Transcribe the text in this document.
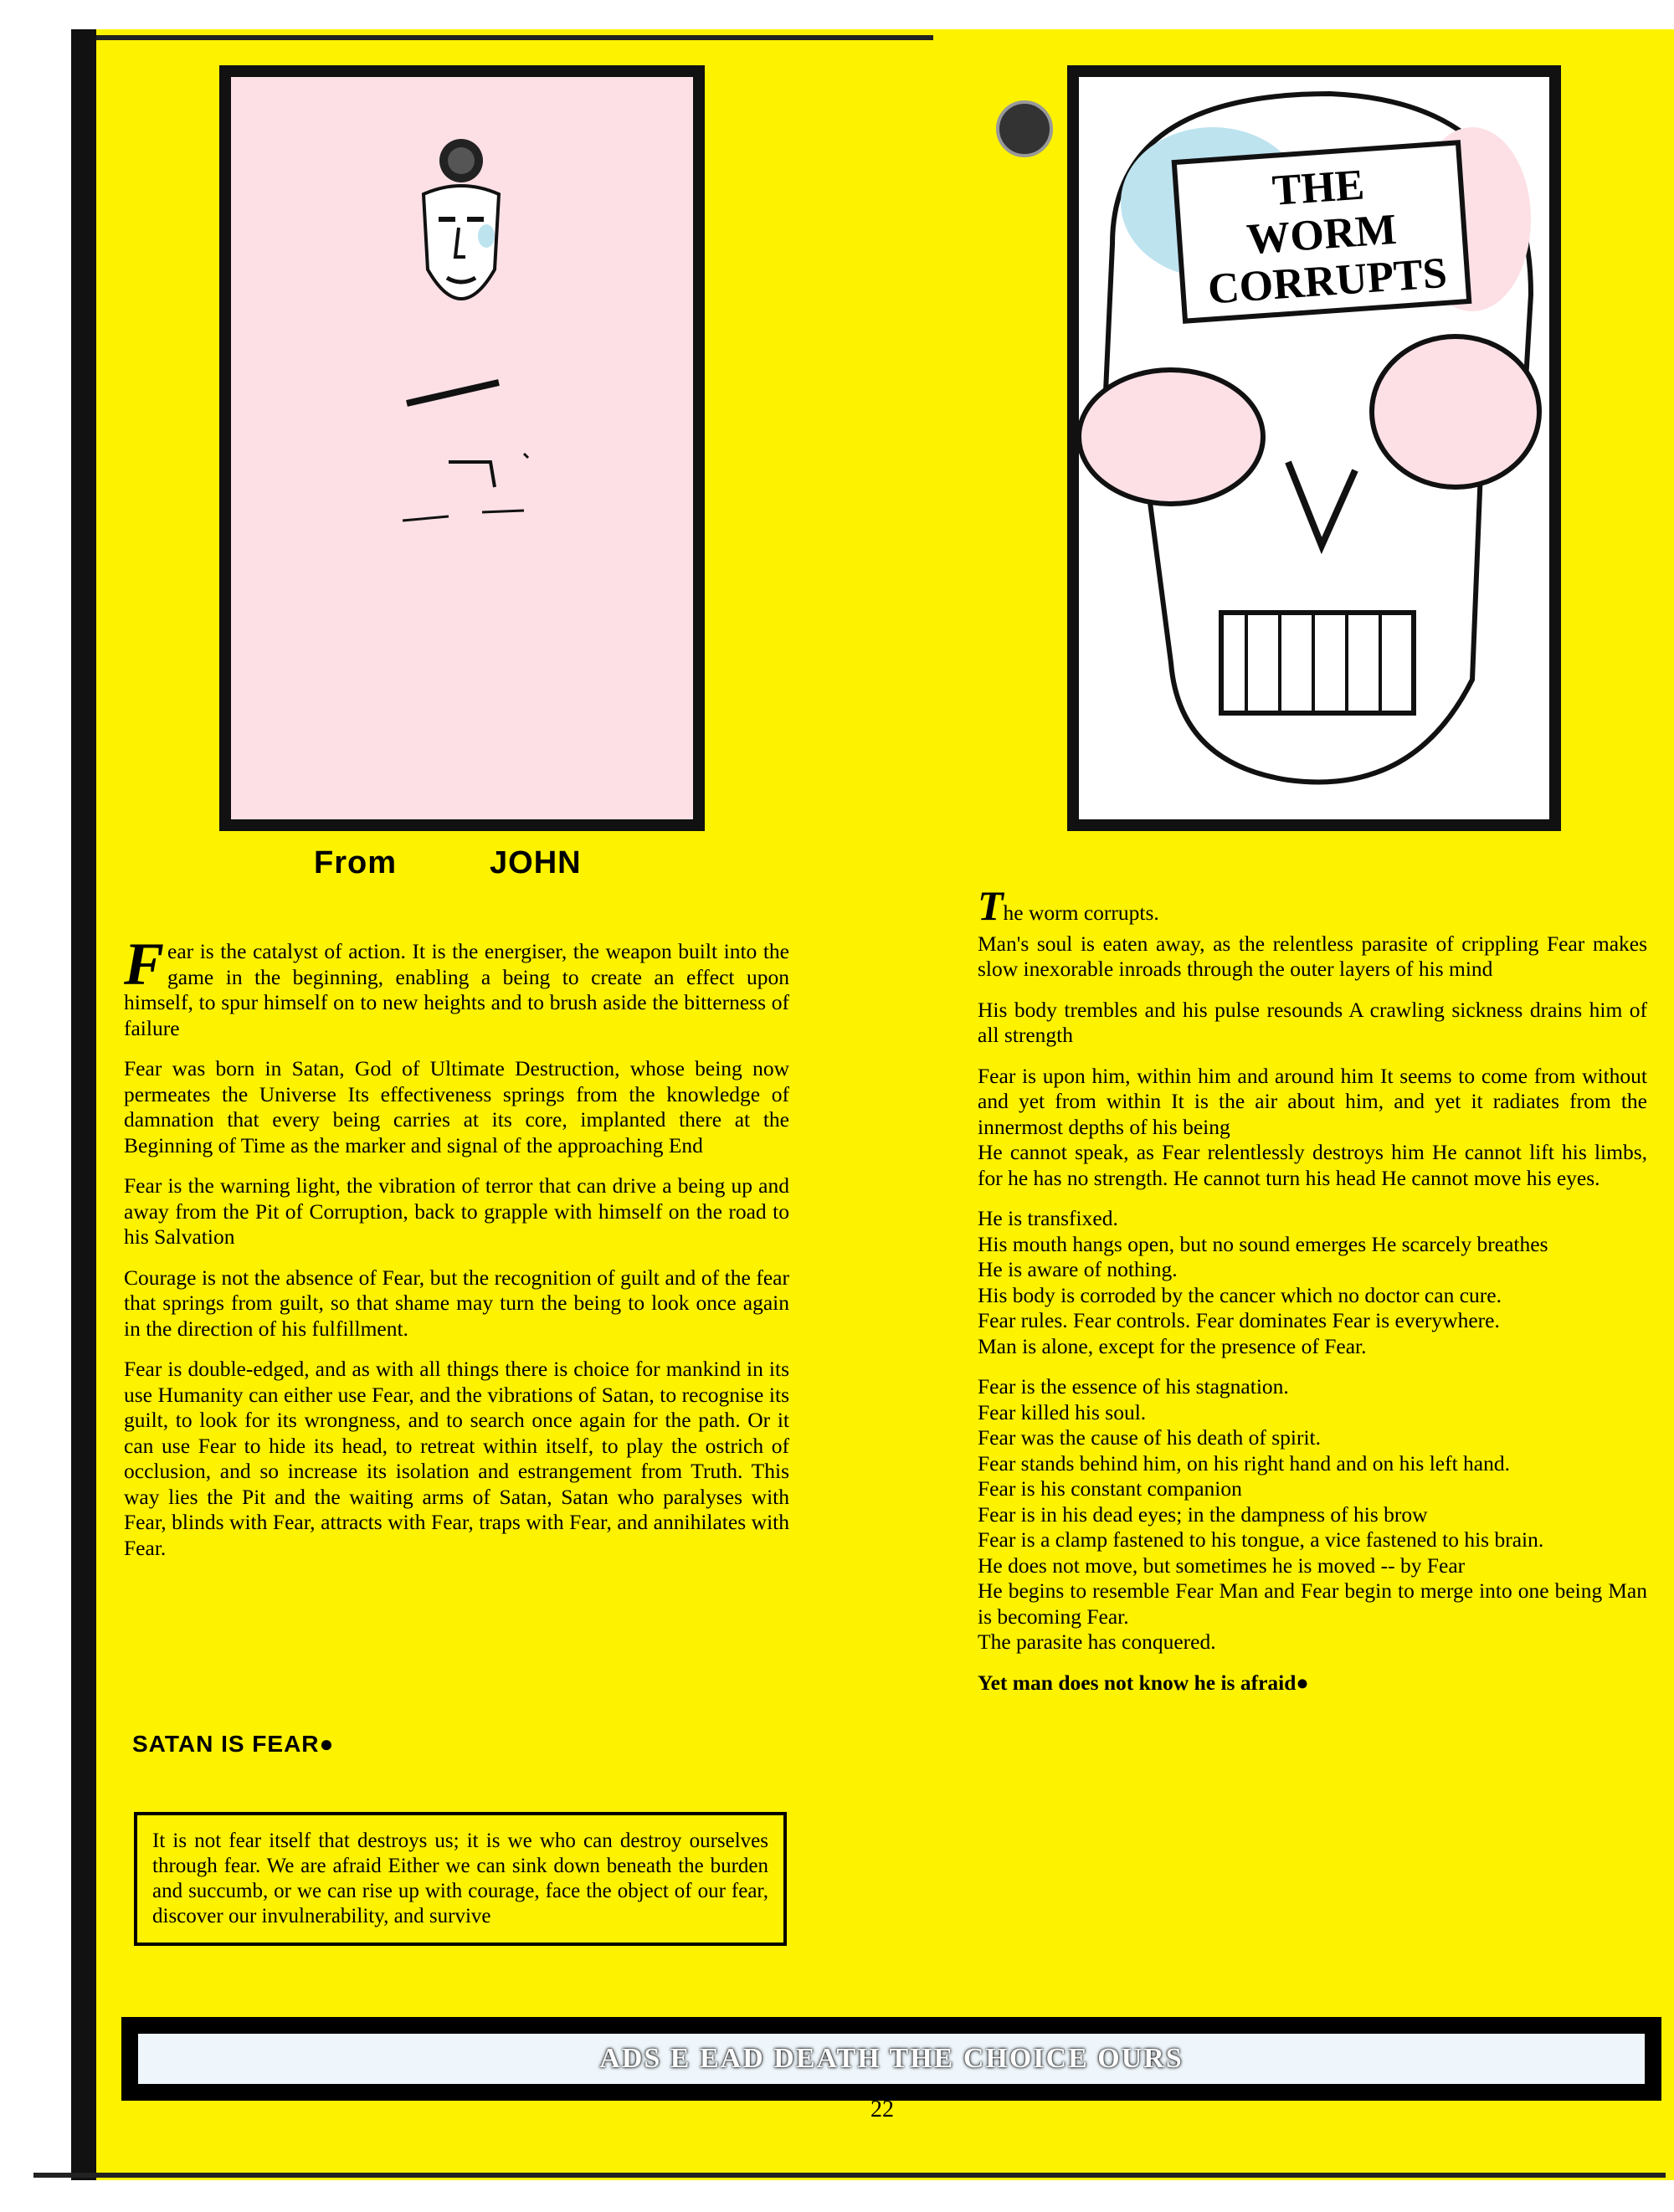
THE WORM CORRUPTS
From	JOHN

Fear is the catalyst of action. It is the energiser, the weapon built into the game in the beginning, enabling a being to create an effect upon himself, to spur himself on to new heights and to brush aside the bitterness of failure

Fear was born in Satan, God of Ultimate Destruction, whose being now permeates the Universe Its effectiveness springs from the knowledge of damnation that every being carries at its core, implanted there at the Beginning of Time as the marker and signal of the approaching End

Fear is the warning light, the vibration of terror that can drive a being up and away from the Pit of Corruption, back to grapple with himself on the road to his Salvation

Courage is not the absence of Fear, but the recognition of guilt and of the fear that springs from guilt, so that shame may turn the being to look once again in the direction of his fulfillment.

Fear is double-edged, and as with all things there is choice for mankind in its use Humanity can either use Fear, and the vibrations of Satan, to recognise its guilt, to look for its wrongness, and to search once again for the path. Or it can use Fear to hide its head, to retreat within itself, to play the ostrich of occlusion, and so increase its isolation and estrangement from Truth. This way lies the Pit and the waiting arms of Satan, Satan who paralyses with Fear, blinds with Fear, attracts with Fear, traps with Fear, and annihilates with Fear.

SATAN IS FEAR●
It is not fear itself that destroys us; it is we who can destroy ourselves through fear. We are afraid Either we can sink down beneath the burden and succumb, or we can rise up with courage, face the object of our fear, discover our invulnerability, and survive

The worm corrupts.

Man's soul is eaten away, as the relentless parasite of crippling Fear makes slow inexorable inroads through the outer layers of his mind

His body trembles and his pulse resounds A crawling sickness drains him of all strength

Fear is upon him, within him and around him It seems to come from without and yet from within It is the air about him, and yet it radiates from the innermost depths of his being
He cannot speak, as Fear relentlessly destroys him He cannot lift his limbs, for he has no strength. He cannot turn his head He cannot move his eyes.

He is transfixed.
His mouth hangs open, but no sound emerges He scarcely breathes
He is aware of nothing.
His body is corroded by the cancer which no doctor can cure.
Fear rules. Fear controls. Fear dominates Fear is everywhere.
Man is alone, except for the presence of Fear.

Fear is the essence of his stagnation.
Fear killed his soul.
Fear was the cause of his death of spirit.
Fear stands behind him, on his right hand and on his left hand.
Fear is his constant companion
Fear is in his dead eyes; in the dampness of his brow
Fear is a clamp fastened to his tongue, a vice fastened to his brain.
He does not move, but sometimes he is moved -- by Fear
He begins to resemble Fear Man and Fear begin to merge into one being Man is becoming Fear.
The parasite has conquered.

Yet man does not know he is afraid●

ADS E EAD DEATH THE CHOICE OURS
22
